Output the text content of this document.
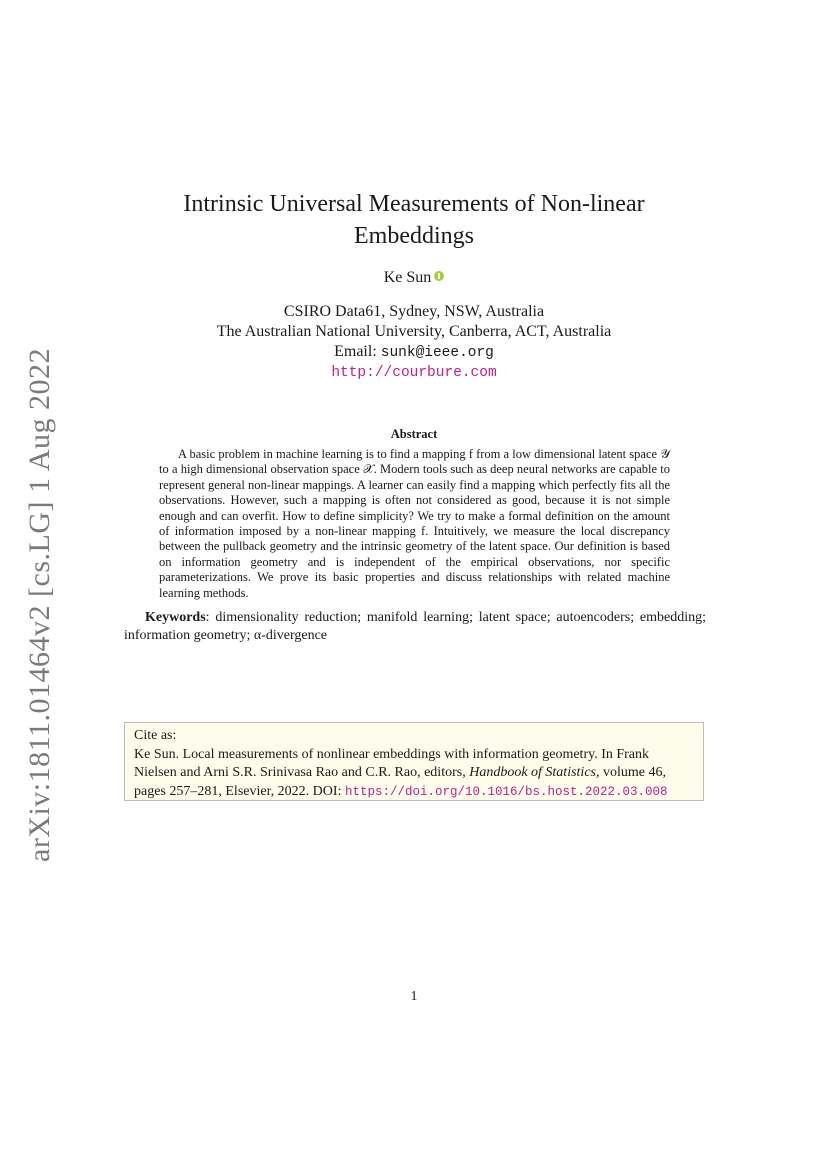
arXiv:1811.01464v2 [cs.LG] 1 Aug 2022
Intrinsic Universal Measurements of Non-linear Embeddings
Ke Sun
CSIRO Data61, Sydney, NSW, Australia
The Australian National University, Canberra, ACT, Australia
Email: sunk@ieee.org
http://courbure.com
Abstract
A basic problem in machine learning is to find a mapping f from a low dimensional latent space 𝒴 to a high dimensional observation space 𝒳. Modern tools such as deep neural networks are capable to represent general non-linear mappings. A learner can easily find a mapping which perfectly fits all the observations. However, such a mapping is often not considered as good, because it is not simple enough and can overfit. How to define simplicity? We try to make a formal definition on the amount of information imposed by a non-linear mapping f. Intuitively, we measure the local discrepancy between the pullback geometry and the intrinsic geometry of the latent space. Our definition is based on information geometry and is independent of the empirical observations, nor specific parameterizations. We prove its basic properties and discuss relationships with related machine learning methods.
Keywords: dimensionality reduction; manifold learning; latent space; autoencoders; embedding; information geometry; α-divergence
Cite as:
Ke Sun. Local measurements of nonlinear embeddings with information geometry. In Frank Nielsen and Arni S.R. Srinivasa Rao and C.R. Rao, editors, Handbook of Statistics, volume 46, pages 257–281, Elsevier, 2022. DOI: https://doi.org/10.1016/bs.host.2022.03.008
1
